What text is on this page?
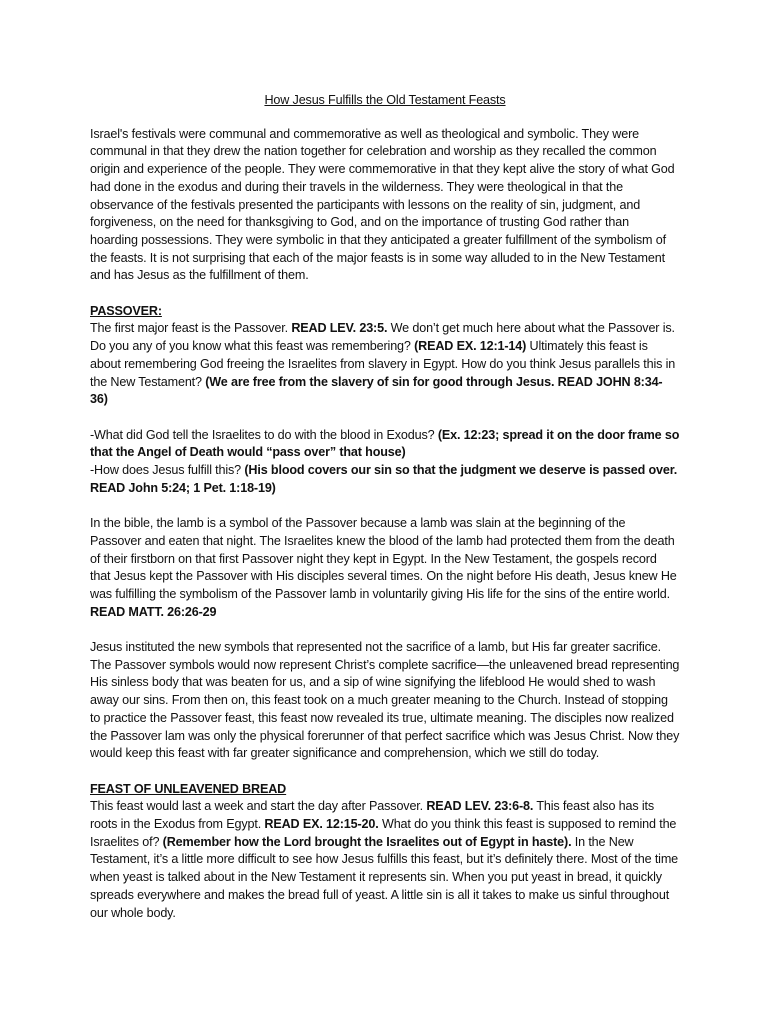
How Jesus Fulfills the Old Testament Feasts

Israel's festivals were communal and commemorative as well as theological and symbolic. They were communal in that they drew the nation together for celebration and worship as they recalled the common origin and experience of the people. They were commemorative in that they kept alive the story of what God had done in the exodus and during their travels in the wilderness. They were theological in that the observance of the festivals presented the participants with lessons on the reality of sin, judgment, and forgiveness, on the need for thanksgiving to God, and on the importance of trusting God rather than hoarding possessions. They were symbolic in that they anticipated a greater fulfillment of the symbolism of the feasts. It is not surprising that each of the major feasts is in some way alluded to in the New Testament and has Jesus as the fulfillment of them.

PASSOVER:

The first major feast is the Passover. READ LEV. 23:5. We don’t get much here about what the Passover is. Do you any of you know what this feast was remembering? (READ EX. 12:1-14) Ultimately this feast is about remembering God freeing the Israelites from slavery in Egypt. How do you think Jesus parallels this in the New Testament? (We are free from the slavery of sin for good through Jesus. READ JOHN 8:34-36)

-What did God tell the Israelites to do with the blood in Exodus? (Ex. 12:23; spread it on the door frame so that the Angel of Death would “pass over” that house)

-How does Jesus fulfill this? (His blood covers our sin so that the judgment we deserve is passed over. READ John 5:24; 1 Pet. 1:18-19)

In the bible, the lamb is a symbol of the Passover because a lamb was slain at the beginning of the Passover and eaten that night. The Israelites knew the blood of the lamb had protected them from the death of their firstborn on that first Passover night they kept in Egypt. In the New Testament, the gospels record that Jesus kept the Passover with His disciples several times. On the night before His death, Jesus knew He was fulfilling the symbolism of the Passover lamb in voluntarily giving His life for the sins of the entire world. READ MATT. 26:26-29

Jesus instituted the new symbols that represented not the sacrifice of a lamb, but His far greater sacrifice. The Passover symbols would now represent Christ’s complete sacrifice—the unleavened bread representing His sinless body that was beaten for us, and a sip of wine signifying the lifeblood He would shed to wash away our sins. From then on, this feast took on a much greater meaning to the Church. Instead of stopping to practice the Passover feast, this feast now revealed its true, ultimate meaning. The disciples now realized the Passover lam was only the physical forerunner of that perfect sacrifice which was Jesus Christ. Now they would keep this feast with far greater significance and comprehension, which we still do today.

FEAST OF UNLEAVENED BREAD

This feast would last a week and start the day after Passover. READ LEV. 23:6-8. This feast also has its roots in the Exodus from Egypt. READ EX. 12:15-20. What do you think this feast is supposed to remind the Israelites of? (Remember how the Lord brought the Israelites out of Egypt in haste). In the New Testament, it’s a little more difficult to see how Jesus fulfills this feast, but it’s definitely there. Most of the time when yeast is talked about in the New Testament it represents sin. When you put yeast in bread, it quickly spreads everywhere and makes the bread full of yeast. A little sin is all it takes to make us sinful throughout our whole body.
